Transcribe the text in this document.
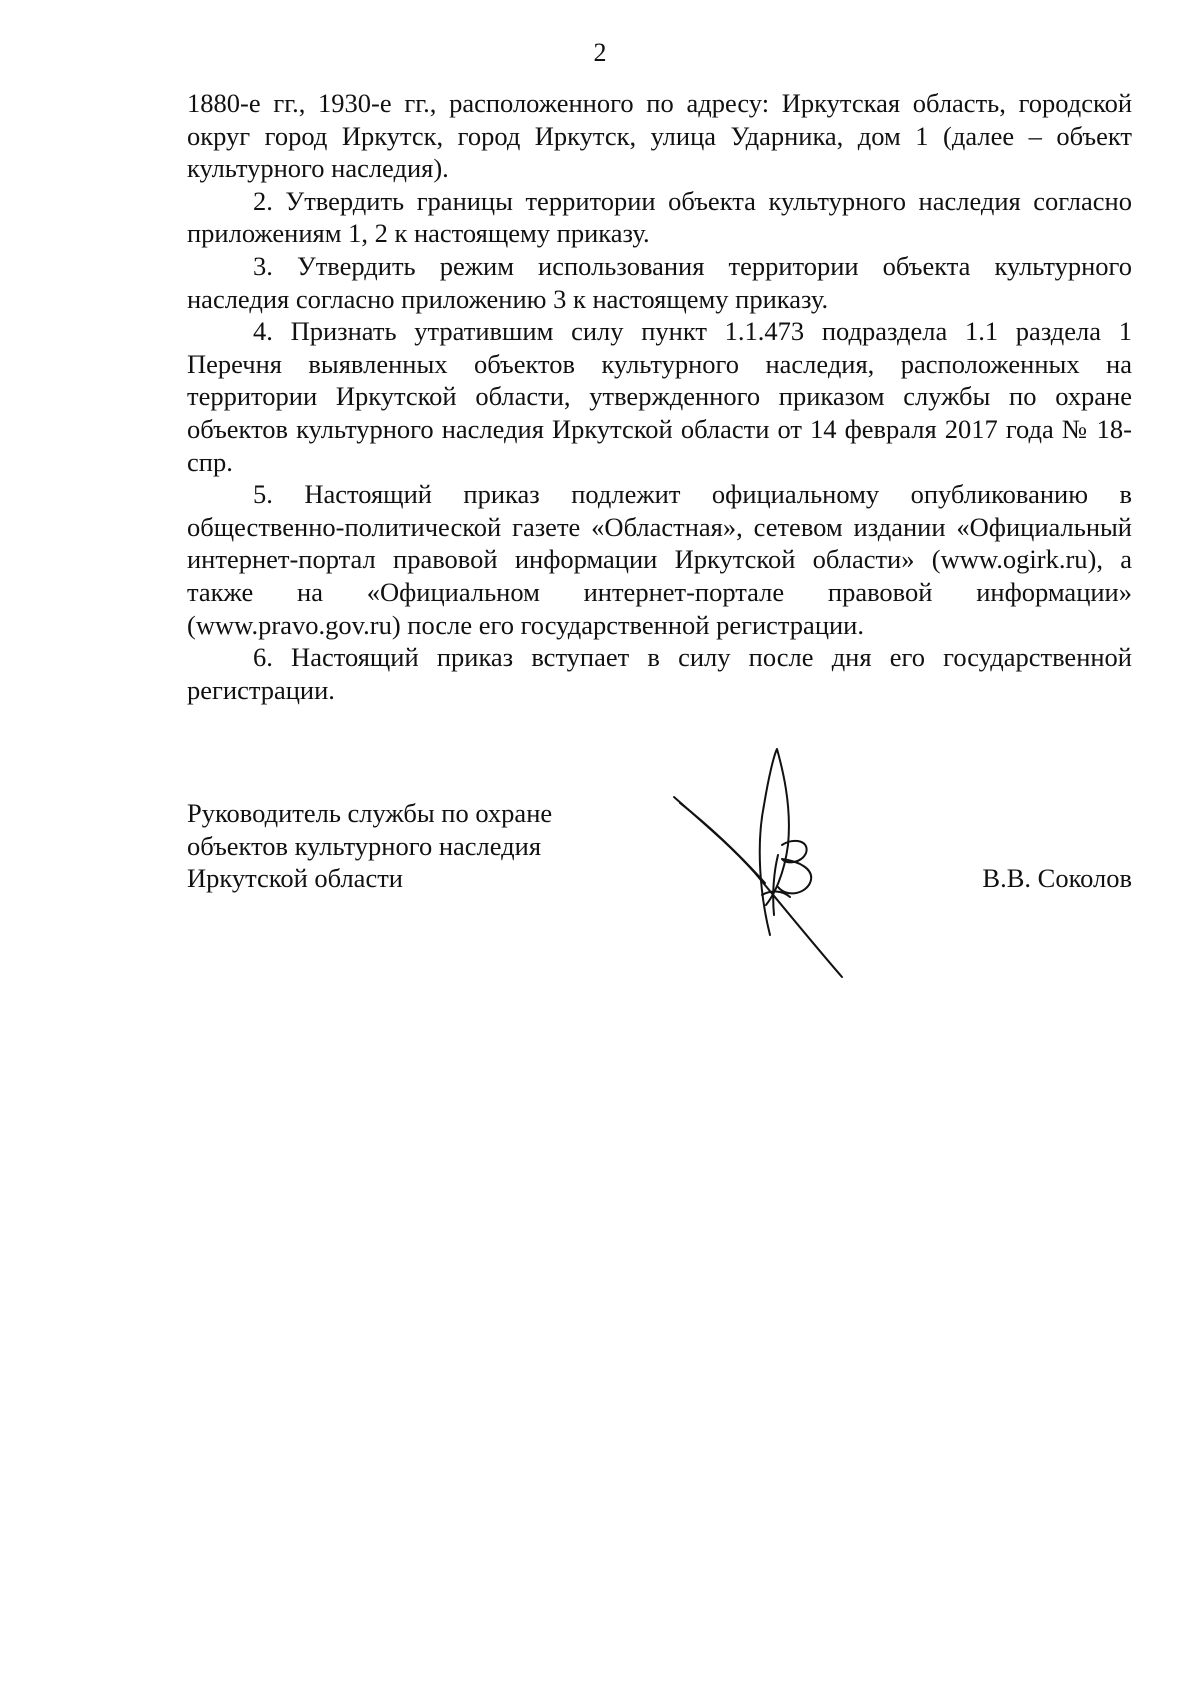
2

1880-е гг., 1930-е гг., расположенного по адресу: Иркутская область, городской округ город Иркутск, город Иркутск, улица Ударника, дом 1 (далее – объект культурного наследия).

2. Утвердить границы территории объекта культурного наследия согласно приложениям 1, 2 к настоящему приказу.

3. Утвердить режим использования территории объекта культурного наследия согласно приложению 3 к настоящему приказу.

4. Признать утратившим силу пункт 1.1.473 подраздела 1.1 раздела 1 Перечня выявленных объектов культурного наследия, расположенных на территории Иркутской области, утвержденного приказом службы по охране объектов культурного наследия Иркутской области от 14 февраля 2017 года № 18-спр.

5. Настоящий приказ подлежит официальному опубликованию в общественно-политической газете «Областная», сетевом издании «Официальный интернет-портал правовой информации Иркутской области» (www.ogirk.ru), а также на «Официальном интернет-портале правовой информации» (www.pravo.gov.ru) после его государственной регистрации.

6. Настоящий приказ вступает в силу после дня его государственной регистрации.

Руководитель службы по охране
объектов культурного наследия
Иркутской области	В.В. Соколов
